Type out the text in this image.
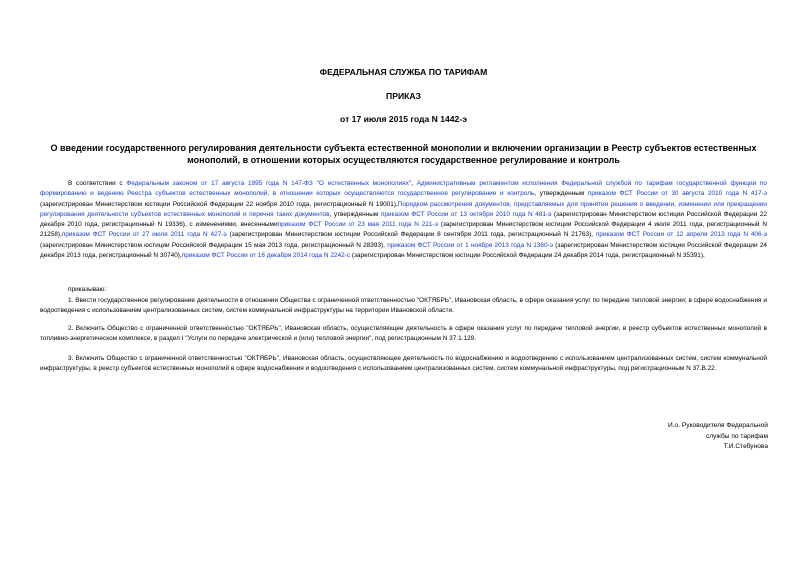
ФЕДЕРАЛЬНАЯ СЛУЖБА ПО ТАРИФАМ
ПРИКАЗ
от 17 июля 2015 года N 1442-э
О введении государственного регулирования деятельности субъекта естественной монополии и включении организации в Реестр субъектов естественных монополий, в отношении которых осуществляются государственное регулирование и контроль
В соответствии с Федеральным законом от 17 августа 1995 года N 147-ФЗ "О естественных монополиях", Административным регламентом исполнения Федеральной службой по тарифам государственной функции по формированию и ведению Реестра субъектов естественных монополий, в отношении которых осуществляются государственное регулирование и контроль, утвержденным приказом ФСТ России от 30 августа 2010 года N 417-э (зарегистрирован Министерством юстиции Российской Федерации 22 ноября 2010 года, регистрационный N 19001),Порядком рассмотрения документов, представляемых для принятия решения о введении, изменении или прекращении регулирования деятельности субъектов естественных монополий и перечня таких документов, утвержденным приказом ФСТ России от 13 октября 2010 года N 481-э (зарегистрирован Министерством юстиции Российской Федерации 22 декабря 2010 года, регистрационный N 19336), с изменениями, внесеннымиприказом ФСТ России от 23 мая 2011 года N 221-э (зарегистрирован Министерством юстиции Российской Федерации 4 июля 2011 года, регистрационный N 21258),приказом ФСТ России от 27 июля 2011 года N 427-э (зарегистрирован Министерством юстиции Российской Федерации 8 сентября 2011 года, регистрационный N 21763), приказом ФСТ России от 12 апреля 2013 года N 406-э (зарегистрирован Министерством юстиции Российской Федерации 15 мая 2013 года, регистрационный N 28393), приказом ФСТ России от 1 ноября 2013 года N 1360-э (зарегистрирован Министерством юстиции Российской Федерации 24 декабря 2013 года, регистрационный N 30740),приказом ФСТ России от 16 декабря 2014 года N 2242-с (зарегистрирован Министерством юстиции Российской Федерации 24 декабря 2014 года, регистрационный N 35391),
приказываю:
1. Ввести государственное регулирование деятельности в отношении Общества с ограниченной ответственностью "ОКТЯБРЬ", Ивановская область, в сфере оказания услуг по передаче тепловой энергии; в сфере водоснабжения и водоотведения с использованием централизованных систем, систем коммунальной инфраструктуры на территории Ивановской области.
2. Включить Общество с ограниченной ответственностью "ОКТЯБРЬ", Ивановская область, осуществляющее деятельность в сфере оказания услуг по передаче тепловой энергии, в реестр субъектов естественных монополий в топливно-энергетическом комплексе, в раздел I "Услуги по передаче электрической и (или) тепловой энергии", под регистрационным N 37.1.129.
3. Включить Общество с ограниченной ответственностью "ОКТЯБРЬ", Ивановская область, осуществляющее деятельность по водоснабжению и водоотведению с использованием централизованных систем, систем коммунальной инфраструктуры, в реестр субъектов естественных монополий в сфере водоснабжения и водоотведения с использованием централизованных систем, систем коммунальной инфраструктуры, под регистрационным N 37.В.22.
И.о. Руководителя Федеральной
службы по тарифам
Т.И.Стебунова
